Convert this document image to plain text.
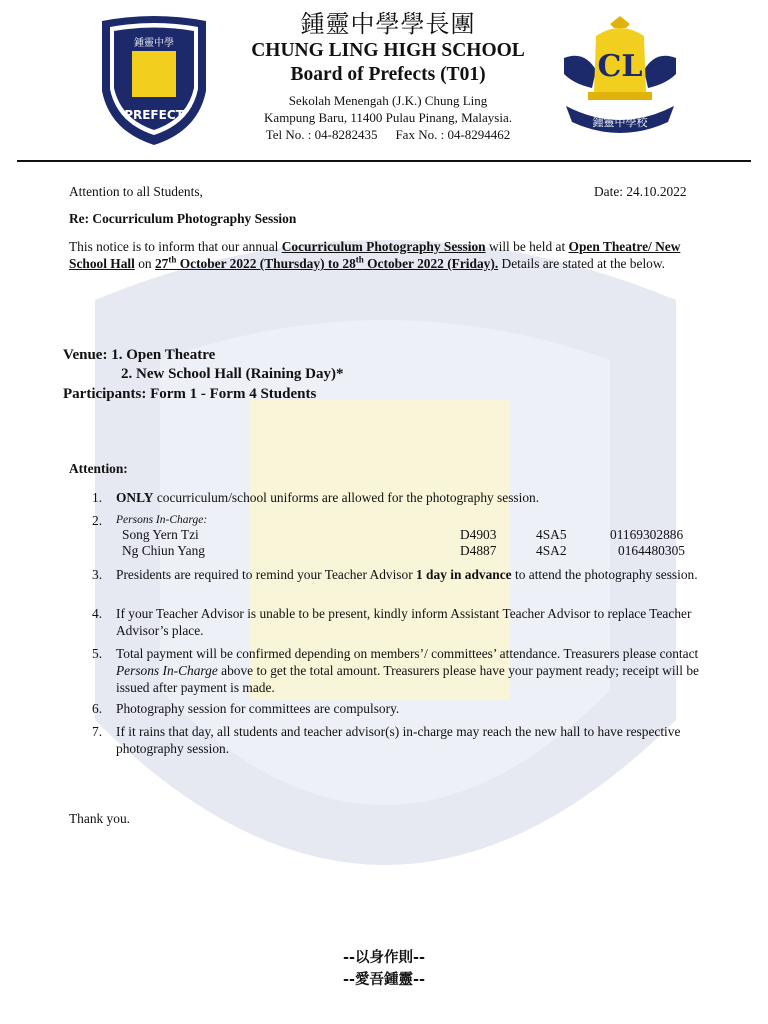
鍾靈中學
PREFECT
CL
鍾靈中學校
鍾靈中學學長團
CHUNG LING HIGH SCHOOL
Board of Prefects (T01)
Sekolah Menengah (J.K.) Chung Ling
Kampung Baru, 11400 Pulau Pinang, Malaysia.
Tel No. : 04-8282435 Fax No. : 04-8294462
Attention to all Students,	Date: 24.10.2022
Re: Cocurriculum Photography Session
This notice is to inform that our annual Cocurriculum Photography Session will be held at Open Theatre/ New School Hall on 27th October 2022 (Thursday) to 28th October 2022 (Friday). Details are stated at the below.
Venue: 1. Open Theatre
2. New School Hall (Raining Day)*
Participants: Form 1 - Form 4 Students
Attention:
1.	ONLY cocurriculum/school uniforms are allowed for the photography session.
2.	Persons In-Charge:
3.	Presidents are required to remind your Teacher Advisor 1 day in advance to attend the photography session.
4.	If your Teacher Advisor is unable to be present, kindly inform Assistant Teacher Advisor to replace Teacher Advisor’s place.
5.	Total payment will be confirmed depending on members’/ committees’ attendance. Treasurers please contact Persons In-Charge above to get the total amount. Treasurers please have your payment ready; receipt will be issued after payment is made.
6.	Photography session for committees are compulsory.
7.	If it rains that day, all students and teacher advisor(s) in-charge may reach the new hall to have respective photography session.
Song Yern Tzi	D4903	4SA5	01169302886
Ng Chiun Yang	D4887	4SA2	0164480305
Thank you.
--以身作則--
--愛吾鍾靈--
